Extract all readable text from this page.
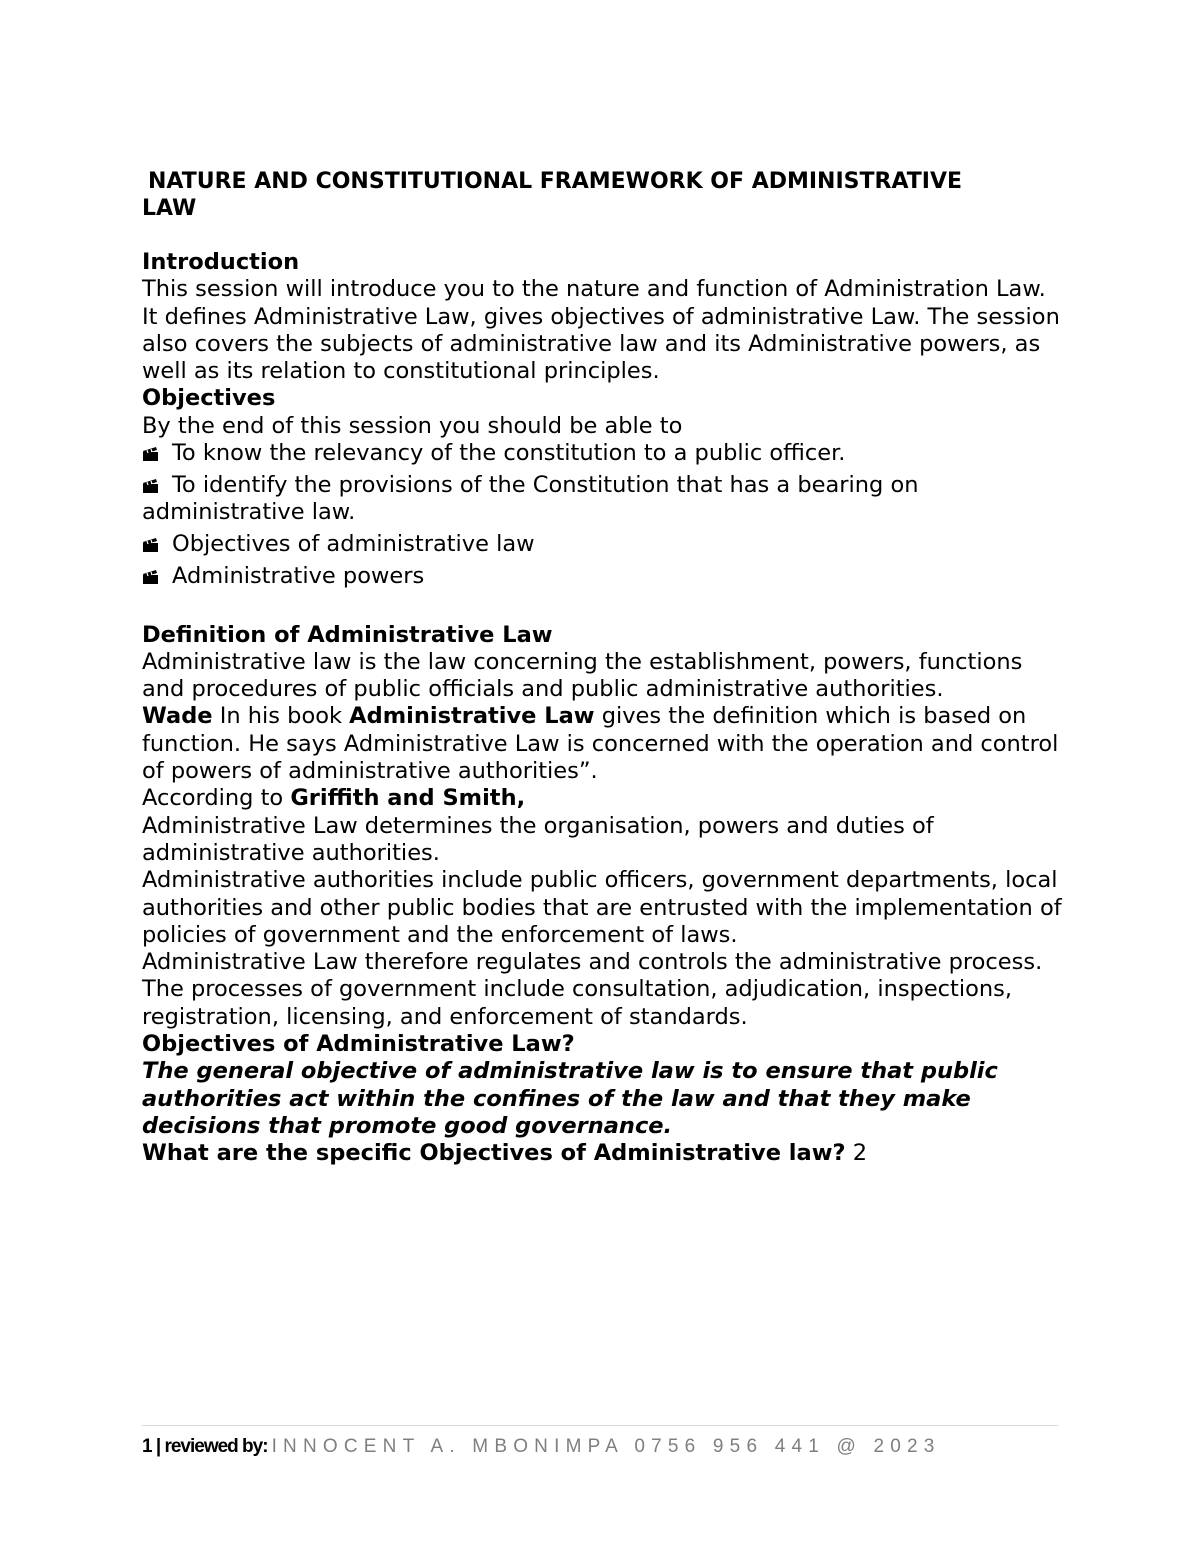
NATURE AND CONSTITUTIONAL FRAMEWORK OF ADMINISTRATIVE
LAW
Introduction

This session will introduce you to the nature and function of Administration Law. It defines Administrative Law, gives objectives of administrative Law. The session also covers the subjects of administrative law and its Administrative powers, as well as its relation to constitutional principles.

Objectives

By the end of this session you should be able to

To know the relevancy of the constitution to a public officer.
To identify the provisions of the Constitution that has a bearing on
administrative law.
Objectives of administrative law
Administrative powers
Definition of Administrative Law

Administrative law is the law concerning the establishment, powers, functions and procedures of public officials and public administrative authorities.

Wade In his book Administrative Law gives the definition which is based on function. He says Administrative Law is concerned with the operation and control of powers of administrative authorities”.

According to Griffith and Smith,

Administrative Law determines the organisation, powers and duties of administrative authorities.

Administrative authorities include public officers, government departments, local authorities and other public bodies that are entrusted with the implementation of policies of government and the enforcement of laws.

Administrative Law therefore regulates and controls the administrative process. The processes of government include consultation, adjudication, inspections, registration, licensing, and enforcement of standards.

Objectives of Administrative Law?

The general objective of administrative law is to ensure that public authorities act within the confines of the law and that they make decisions that promote good governance.

What are the specific Objectives of Administrative law? 2

1 | reviewed by: INNOCENT A. MBONIMPA 0756 956 441 @ 2023
